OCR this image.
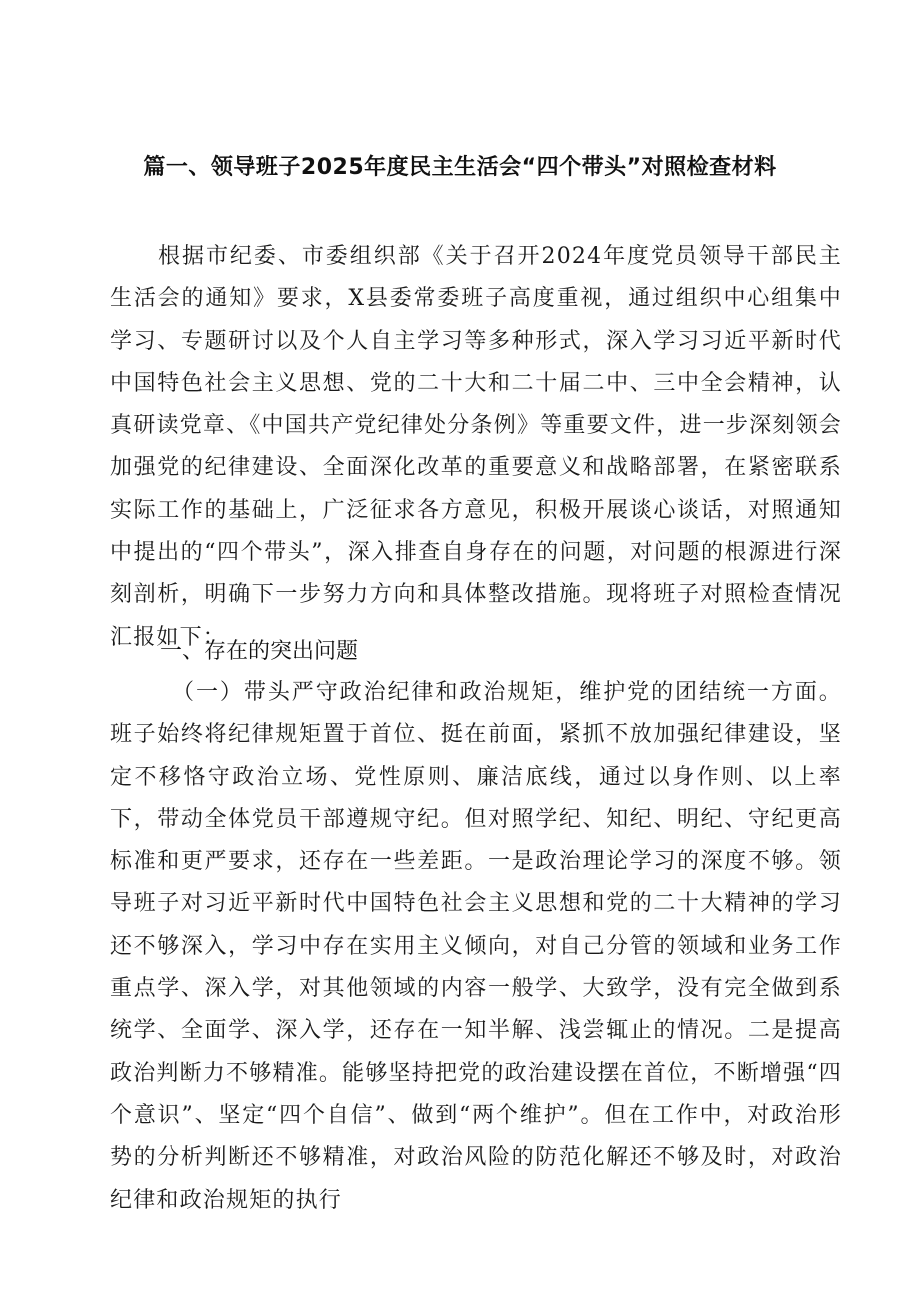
篇一、领导班子2025年度民主生活会“四个带头”对照检查材料

根据市纪委、市委组织部《关于召开2024年度党员领导干部民主生活会的通知》要求，X县委常委班子高度重视，通过组织中心组集中学习、专题研讨以及个人自主学习等多种形式，深入学习习近平新时代中国特色社会主义思想、党的二十大和二十届二中、三中全会精神，认真研读党章、《中国共产党纪律处分条例》等重要文件，进一步深刻领会加强党的纪律建设、全面深化改革的重要意义和战略部署，在紧密联系实际工作的基础上，广泛征求各方意见，积极开展谈心谈话，对照通知中提出的“四个带头”，深入排查自身存在的问题，对问题的根源进行深刻剖析，明确下一步努力方向和具体整改措施。现将班子对照检查情况汇报如下：

一、存在的突出问题

（一）带头严守政治纪律和政治规矩，维护党的团结统一方面。班子始终将纪律规矩置于首位、挺在前面，紧抓不放加强纪律建设，坚定不移恪守政治立场、党性原则、廉洁底线，通过以身作则、以上率下，带动全体党员干部遵规守纪。但对照学纪、知纪、明纪、守纪更高标准和更严要求，还存在一些差距。一是政治理论学习的深度不够。领导班子对习近平新时代中国特色社会主义思想和党的二十大精神的学习还不够深入，学习中存在实用主义倾向，对自己分管的领域和业务工作重点学、深入学，对其他领域的内容一般学、大致学，没有完全做到系统学、全面学、深入学，还存在一知半解、浅尝辄止的情况。二是提高政治判断力不够精准。能够坚持把党的政治建设摆在首位，不断增强“四个意识”、坚定“四个自信”、做到“两个维护”。但在工作中，对政治形势的分析判断还不够精准，对政治风险的防范化解还不够及时，对政治纪律和政治规矩的执行
